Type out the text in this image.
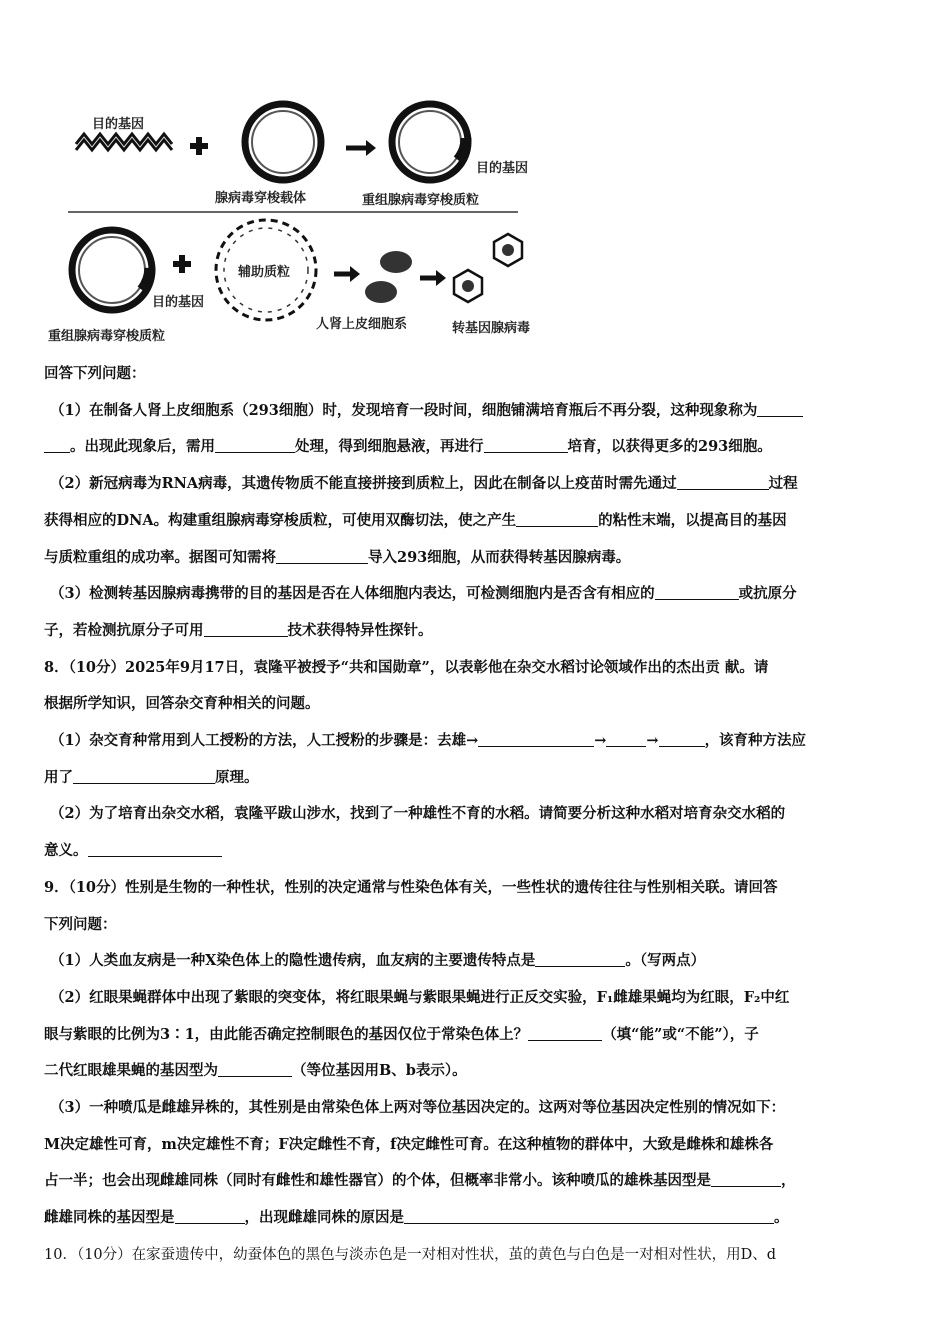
目的基因
腺病毒穿梭载体
目的基因
重组腺病毒穿梭质粒
目的基因
重组腺病毒穿梭质粒
辅助质粒
人肾上皮细胞系	转基因腺病毒
回答下列问题：
（1）在制备人肾上皮细胞系（293细胞）时，发现培育一段时间，细胞铺满培育瓶后不再分裂，这种现象称为
。出现此现象后，需用	处理，得到细胞悬液，再进行	培育，以获得更多的293细胞。
（2）新冠病毒为RNA病毒，其遗传物质不能直接拼接到质粒上，因此在制备以上疫苗时需先通过	过程
获得相应的DNA。构建重组腺病毒穿梭质粒，可使用双酶切法，使之产生	的粘性末端，以提高目的基因
与质粒重组的成功率。据图可知需将	导入293细胞，从而获得转基因腺病毒。
（3）检测转基因腺病毒携带的目的基因是否在人体细胞内表达，可检测细胞内是否含有相应的	或抗原分
子，若检测抗原分子可用	技术获得特异性探针。
8．（10分）2025年9月17日，袁隆平被授予“共和国勋章”，以表彰他在杂交水稻讨论领域作出的杰出贡 献。请
根据所学知识，回答杂交育种相关的问题。
（1）杂交育种常用到人工授粉的方法，人工授粉的步骤是：去雄→	→	→	，该育种方法应
用了	原理。
（2）为了培育出杂交水稻，袁隆平跋山涉水，找到了一种雄性不育的水稻。请简要分析这种水稻对培育杂交水稻的
意义。
9．（10分）性别是生物的一种性状，性别的决定通常与性染色体有关，一些性状的遗传往往与性别相关联。请回答
下列问题：
（1）人类血友病是一种X染色体上的隐性遗传病，血友病的主要遗传特点是	。（写两点）
（2）红眼果蝇群体中出现了紫眼的突变体，将红眼果蝇与紫眼果蝇进行正反交实验，F₁雌雄果蝇均为红眼，F₂中红
眼与紫眼的比例为3∶1，由此能否确定控制眼色的基因仅位于常染色体上？	（填“能”或“不能”），子
二代红眼雄果蝇的基因型为	（等位基因用B、b表示）。
（3）一种喷瓜是雌雄异株的，其性别是由常染色体上两对等位基因决定的。这两对等位基因决定性别的情况如下：
M决定雄性可育，m决定雄性不育；F决定雌性不育，f决定雌性可育。在这种植物的群体中，大致是雌株和雄株各
占一半；也会出现雌雄同株（同时有雌性和雄性器官）的个体，但概率非常小。该种喷瓜的雄株基因型是	，
雌雄同株的基因型是	，出现雌雄同株的原因是	。
10．（10分）在家蚕遗传中，幼蚕体色的黑色与淡赤色是一对相对性状，茧的黄色与白色是一对相对性状，用D、d
